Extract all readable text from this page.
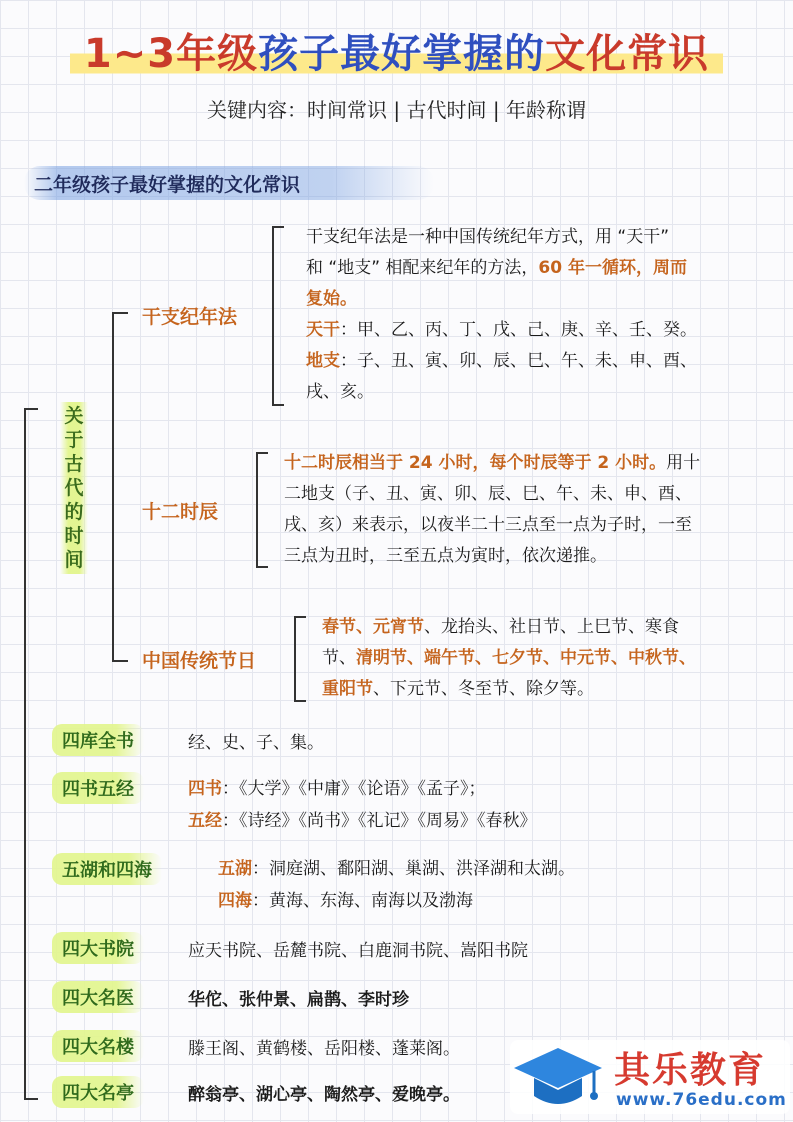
1~3年级孩子最好掌握的文化常识
关键内容：时间常识 | 古代时间 | 年龄称谓
二年级孩子最好掌握的文化常识
关于古代的时间
干支纪年法
干支纪年法是一种中国传统纪年方式，用 “天干”
和 “地支” 相配来纪年的方法，60 年一循环，周而
复始。
天干：甲、乙、丙、丁、戊、己、庚、辛、壬、癸。
地支：子、丑、寅、卯、辰、巳、午、未、申、酉、
戌、亥。
十二时辰
十二时辰相当于 24 小时，每个时辰等于 2 小时。用十
二地支（子、丑、寅、卯、辰、巳、午、未、申、酉、
戌、亥）来表示，以夜半二十三点至一点为子时，一至
三点为丑时，三至五点为寅时，依次递推。
中国传统节日
春节、元宵节、龙抬头、社日节、上巳节、寒食
节、清明节、端午节、七夕节、中元节、中秋节、
重阳节、下元节、冬至节、除夕等。
四库全书	经、史、子、集。
四书五经	四书：《大学》《中庸》《论语》《孟子》；
五经：《诗经》《尚书》《礼记》《周易》《春秋》
五湖和四海	五湖：洞庭湖、鄱阳湖、巢湖、洪泽湖和太湖。
四海：黄海、东海、南海以及渤海
四大书院	应天书院、岳麓书院、白鹿洞书院、嵩阳书院
四大名医	华佗、张仲景、扁鹊、李时珍
四大名楼	滕王阁、黄鹤楼、岳阳楼、蓬莱阁。
四大名亭	醉翁亭、湖心亭、陶然亭、爱晚亭。
其乐教育
www.76edu.com
